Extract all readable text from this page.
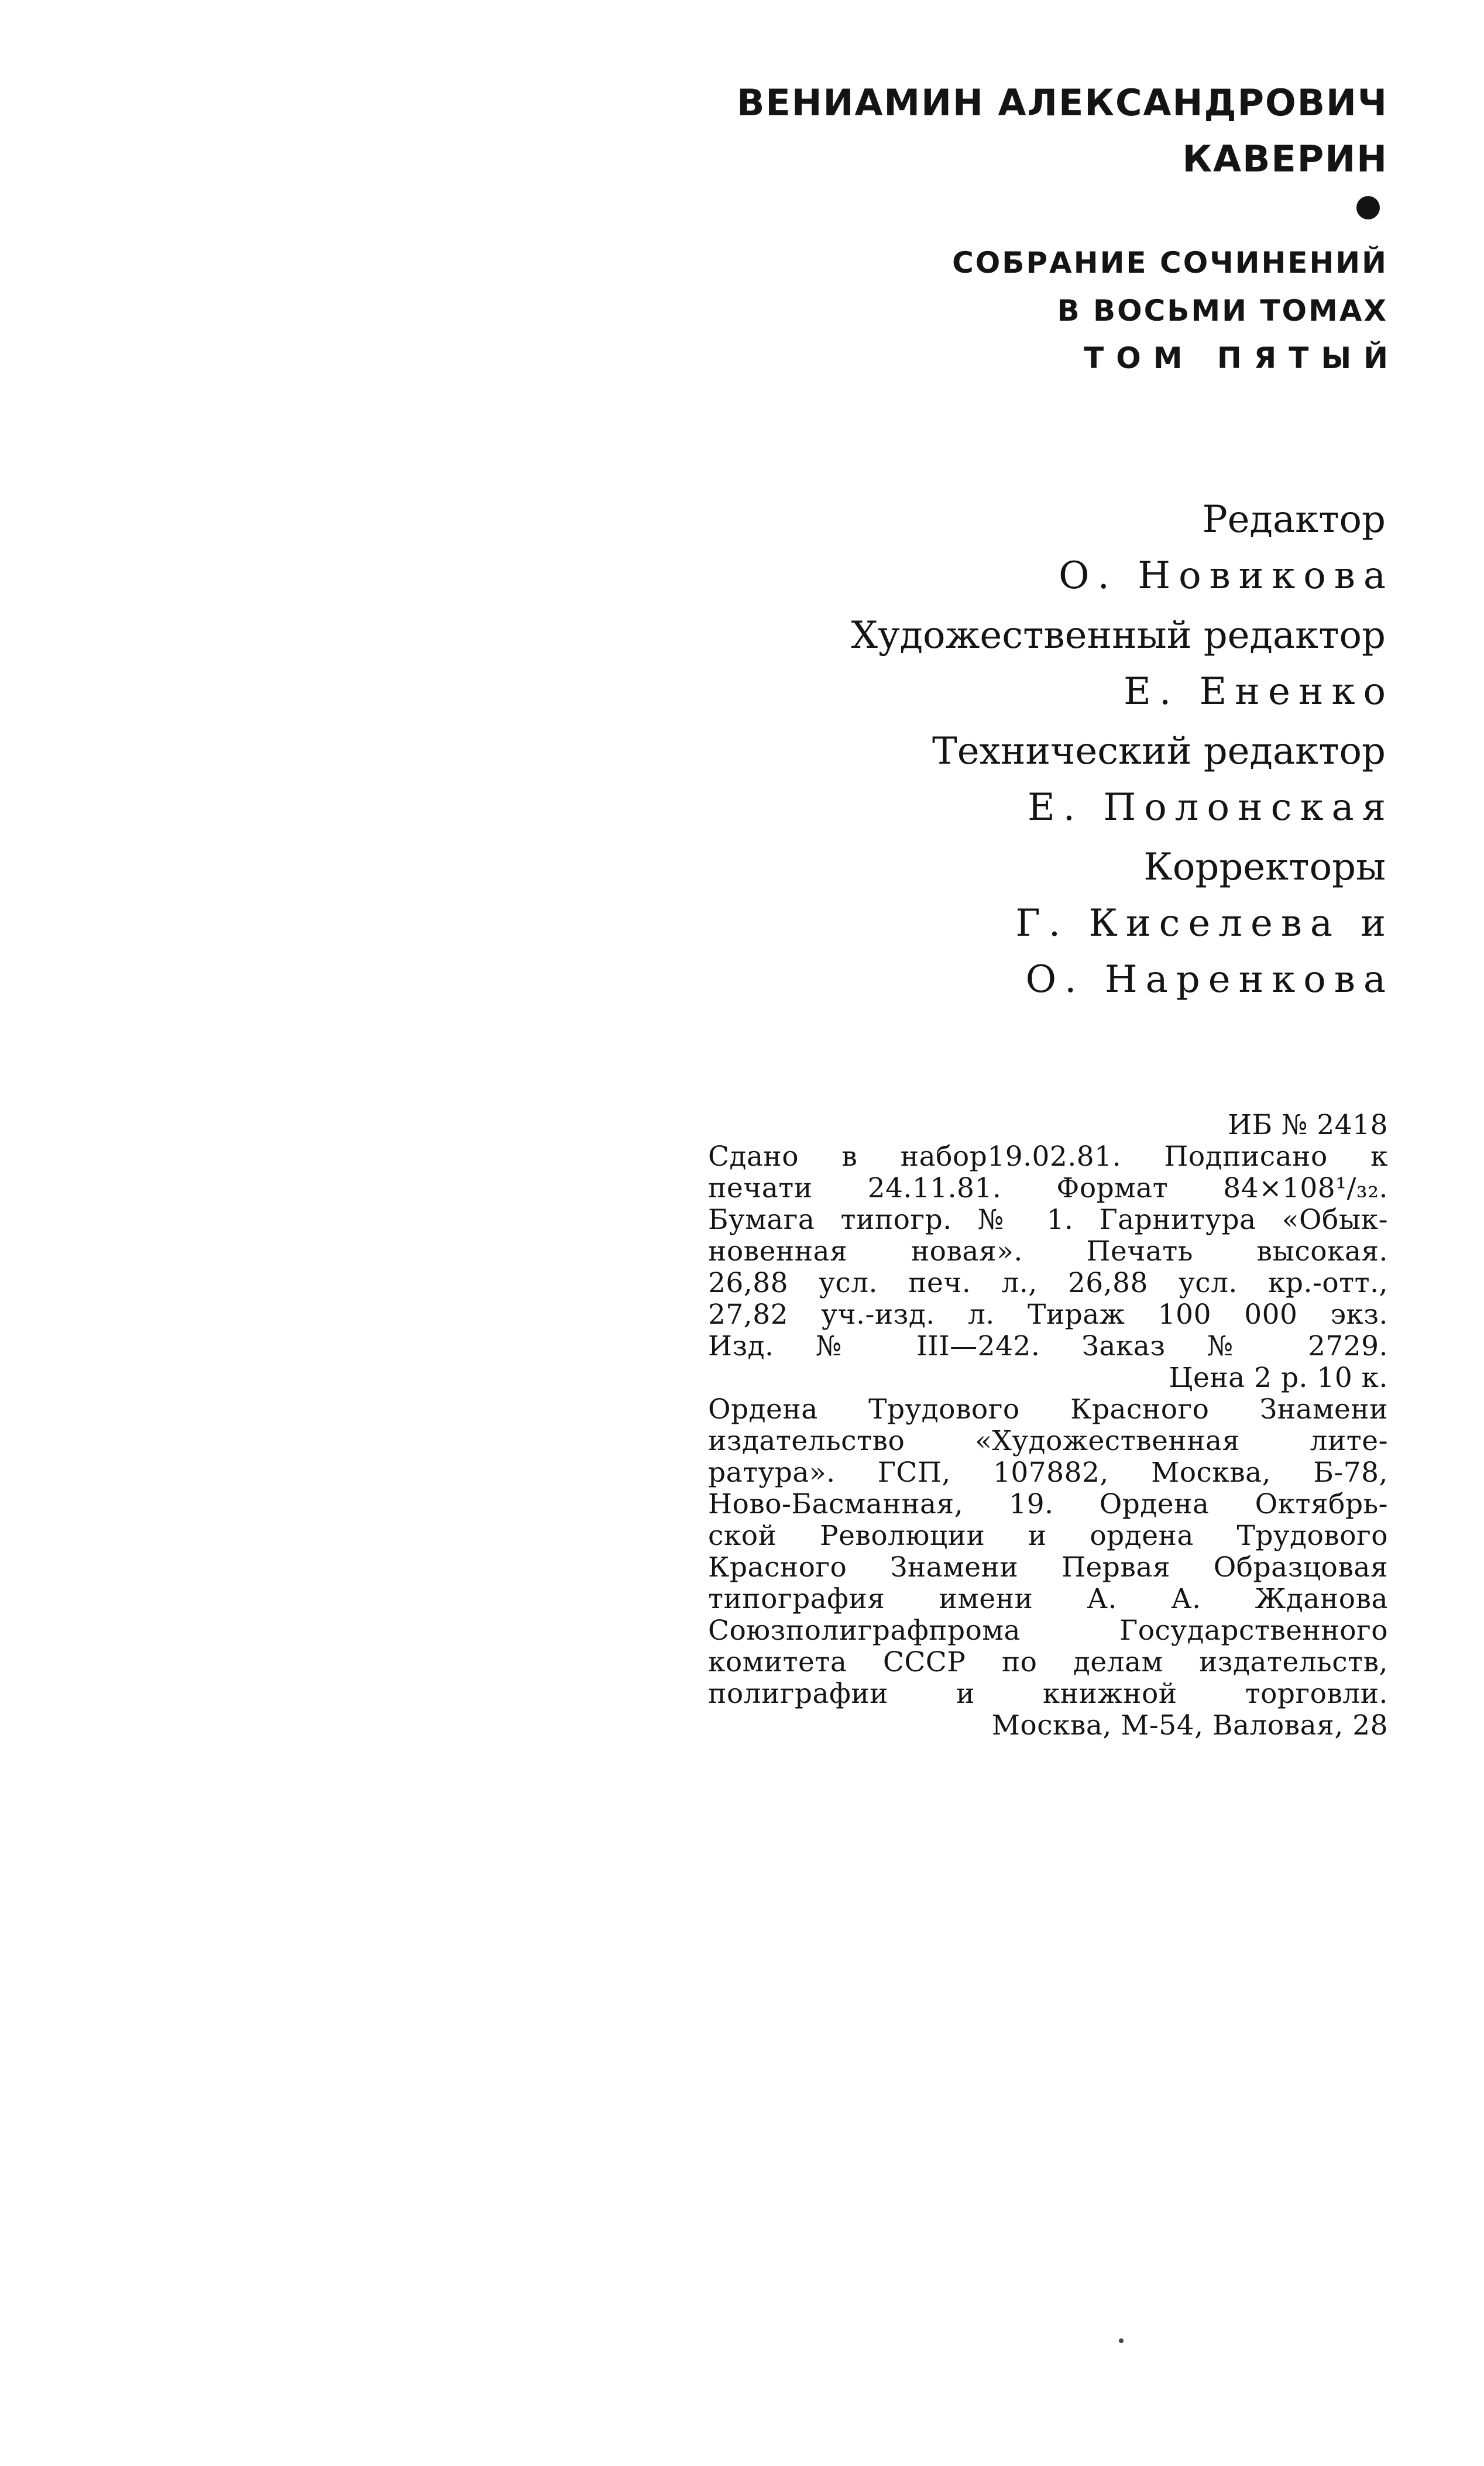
ВЕНИАМИН АЛЕКСАНДРОВИЧ
КАВЕРИН
СОБРАНИЕ СОЧИНЕНИЙ
В ВОСЬМИ ТОМАХ
ТОМ ПЯТЫЙ
Редактор
О. Новикова
Художественный редактор
Е. Ененко
Технический редактор
Е. Полонская
Корректоры
Г. Киселева и
О. Наренкова
ИБ № 2418
Сдано в набор19.02.81. Подписано к
печати 24.11.81. Формат 84×108¹/₃₂.
Бумага типогр. № 1. Гарнитура «Обык-
новенная новая». Печать высокая.
26,88 усл. печ. л., 26,88 усл. кр.-отт.,
27,82 уч.-изд. л. Тираж 100 000 экз.
Изд. № III—242. Заказ № 2729.
Цена 2 р. 10 к.
Ордена Трудового Красного Знамени
издательство «Художественная лите-
ратура». ГСП, 107882, Москва, Б-78,
Ново-Басманная, 19. Ордена Октябрь-
ской Революции и ордена Трудового
Красного Знамени Первая Образцовая
типография имени А. А. Жданова
Союзполиграфпрома Государственного
комитета СССР по делам издательств,
полиграфии и книжной торговли.
Москва, М-54, Валовая, 28
